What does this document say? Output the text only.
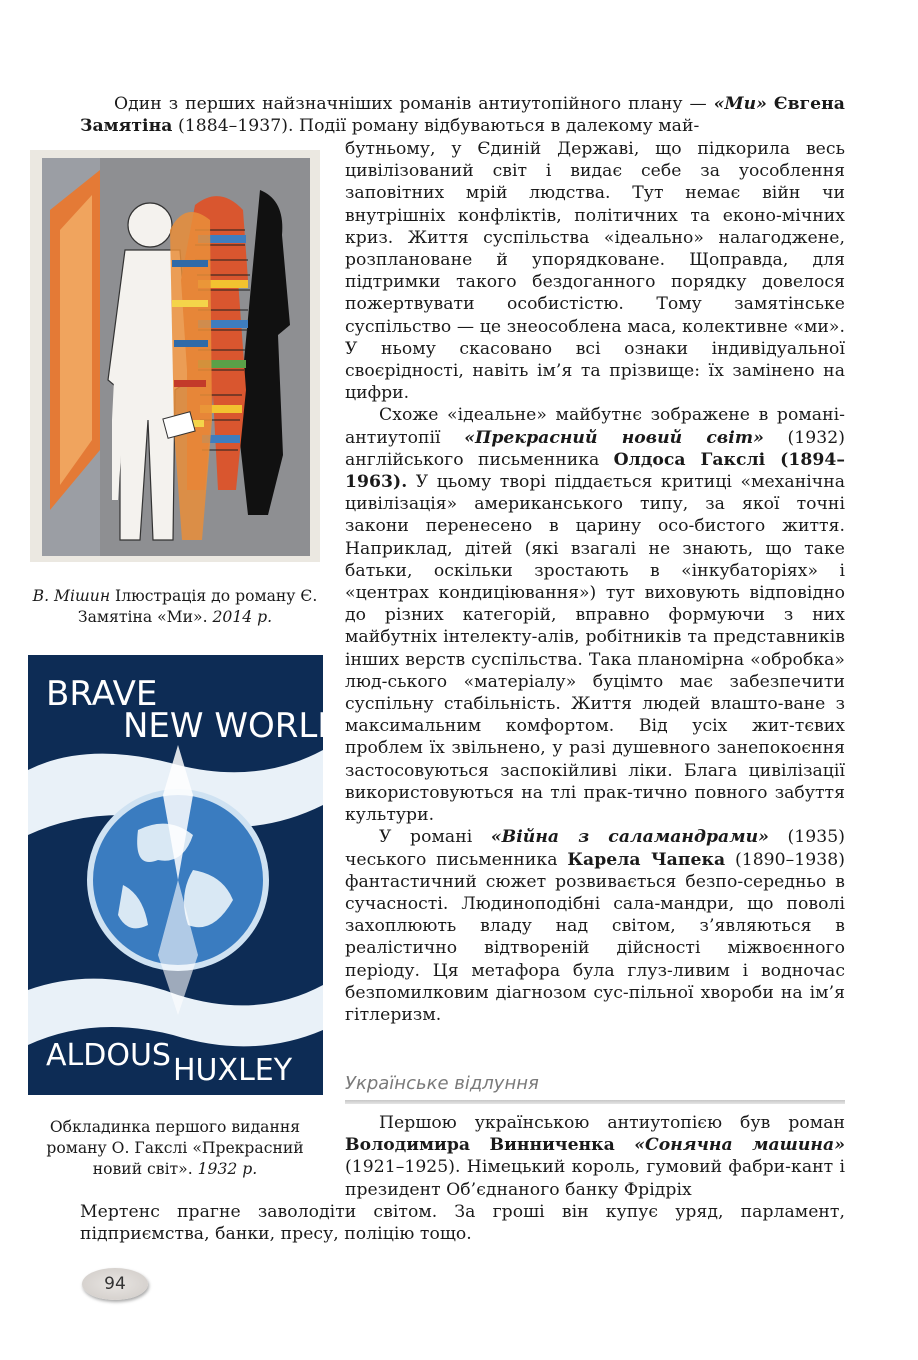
Один з перших найзначніших романів антиутопійного плану — «Ми» Євгена Замятіна (1884–1937). Події роману відбуваються в далекому май-

В. Мішин Ілюстрація до роману Є. Замятіна «Ми». 2014 р.
BRAVE
NEW WORLD
ALDOUS HUXLEY
Обкладинка першого видання роману О. Гакслі «Прекрасний новий світ». 1932 р.

бутньому, у Єдиній Державі, що підкорила весь цивілізований світ і видає себе за уособлення заповітних мрій людства. Тут немає війн чи внутрішніх конфліктів, політичних та еконо-мічних криз. Життя суспільства «ідеально» налагоджене, розплановане й упорядковане. Щоправда, для підтримки такого бездоганного порядку довелося пожертвувати особистістю. Тому замятінське суспільство — це знеособлена маса, колективне «ми». У ньому скасовано всі ознаки індивідуальної своєрідності, навіть ім’я та прізвище: їх замінено на цифри.

Схоже «ідеальне» майбутнє зображене в романі-антиутопії «Прекрасний новий світ» (1932) англійського письменника Олдоса Гакслі (1894–1963). У цьому творі піддається критиці «механічна цивілізація» американського типу, за якої точні закони перенесено в царину осо-бистого життя. Наприклад, дітей (які взагалі не знають, що таке батьки, оскільки зростають в «інкубаторіях» і «центрах кондиціювання») тут виховують відповідно до різних категорій, вправно формуючи з них майбутніх інтелекту-алів, робітників та представників інших верств суспільства. Така планомірна «обробка» люд-ського «матеріалу» буцімто має забезпечити суспільну стабільність. Життя людей влашто-ване з максимальним комфортом. Від усіх жит-тєвих проблем їх звільнено, у разі душевного занепокоєння застосовуються заспокійливі ліки. Блага цивілізації використовуються на тлі прак-тично повного забуття культури.

У романі «Війна з саламандрами» (1935) чеського письменника Карела Чапека (1890–1938) фантастичний сюжет розвивається безпо-середньо в сучасності. Людиноподібні сала-мандри, що поволі захоплюють владу над світом, з’являються в реалістично відтвореній дійсності міжвоєнного періоду. Ця метафора була глуз-ливим і водночас безпомилковим діагнозом сус-пільної хвороби на ім’я гітлеризм.

Українське відлуння

Першою українською антиутопією був роман Володимира Винниченка «Сонячна машина» (1921–1925). Німецький король, гумовий фабри-кант і президент Об’єднаного банку Фрідріх

Мертенс прагне заволодіти світом. За гроші він купує уряд, парламент, підприємства, банки, пресу, поліцію тощо.

94
